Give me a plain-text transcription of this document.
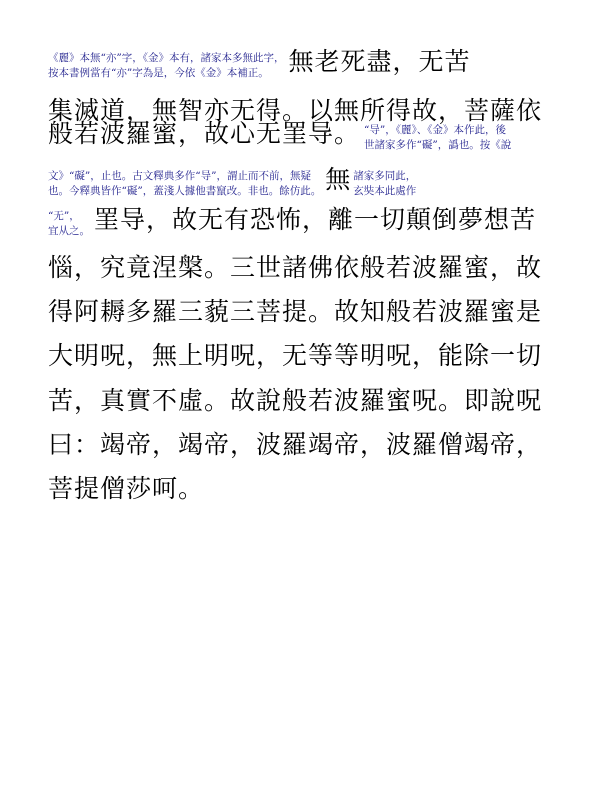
《麗》本無“亦”字，《金》本有，諸家本多無此字，
按本書例當有“亦”字為是，今依《金》本補正。 無老死盡，无苦
集滅道，無智亦无得。以無所得故，菩薩依
般若波羅蜜，故心无罣导。 “导”，《麗》、《金》本作此，後
世諸家多作“礙”，譌也。按《說
文》“礙”，止也。古文釋典多作“导”，謂止而不前，無疑
也。今釋典皆作“礙”，蓋淺人據他書竄改。非也。餘仿此。 無 諸家多同此，
玄奘本此處作
“无”，
宜从之。 罣导，故无有恐怖，離一切顛倒夢想苦
惱，究竟涅槃。三世諸佛依般若波羅蜜，故
得阿耨多羅三藐三菩提。故知般若波羅蜜是
大明呪，無上明呪，无等等明呪，能除一切
苦，真實不虛。故說般若波羅蜜呪。即說呪
曰：竭帝，竭帝，波羅竭帝，波羅僧竭帝，
菩提僧莎呵。
